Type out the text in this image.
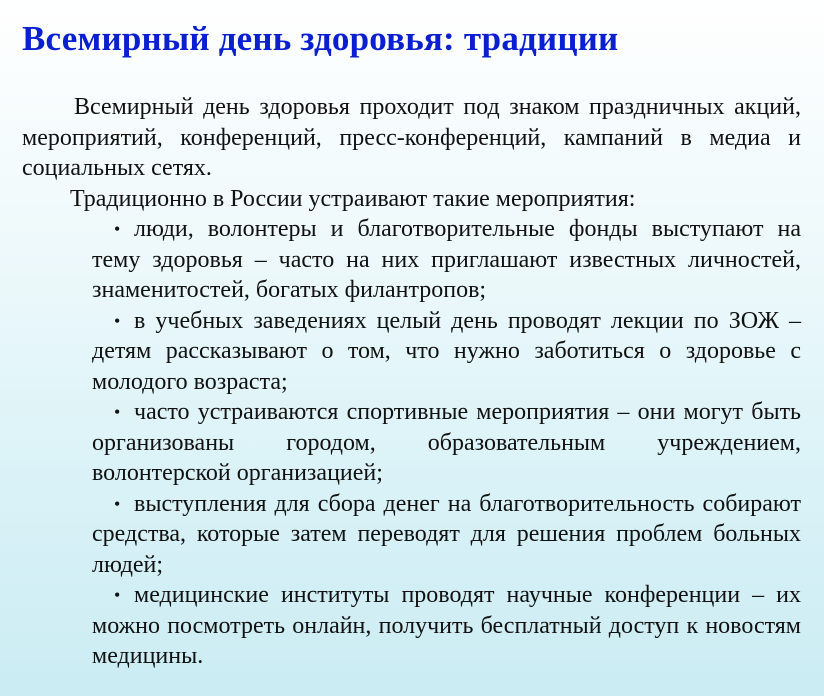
Всемирный день здоровья: традиции

Всемирный день здоровья проходит под знаком праздничных акций, мероприятий, конференций, пресс-конференций, кампаний в медиа и социальных сетях.

Традиционно в России устраивают такие мероприятия:

• люди, волонтеры и благотворительные фонды выступают на тему здоровья – часто на них приглашают известных личностей, знаменитостей, богатых филантропов;
• в учебных заведениях целый день проводят лекции по ЗОЖ – детям рассказывают о том, что нужно заботиться о здоровье с молодого возраста;
• часто устраиваются спортивные мероприятия – они могут быть организованы городом, образовательным учреждением, волонтерской организацией;
• выступления для сбора денег на благотворительность собирают средства, которые затем переводят для решения проблем больных людей;
• медицинские институты проводят научные конференции – их можно посмотреть онлайн, получить бесплатный доступ к новостям медицины.
